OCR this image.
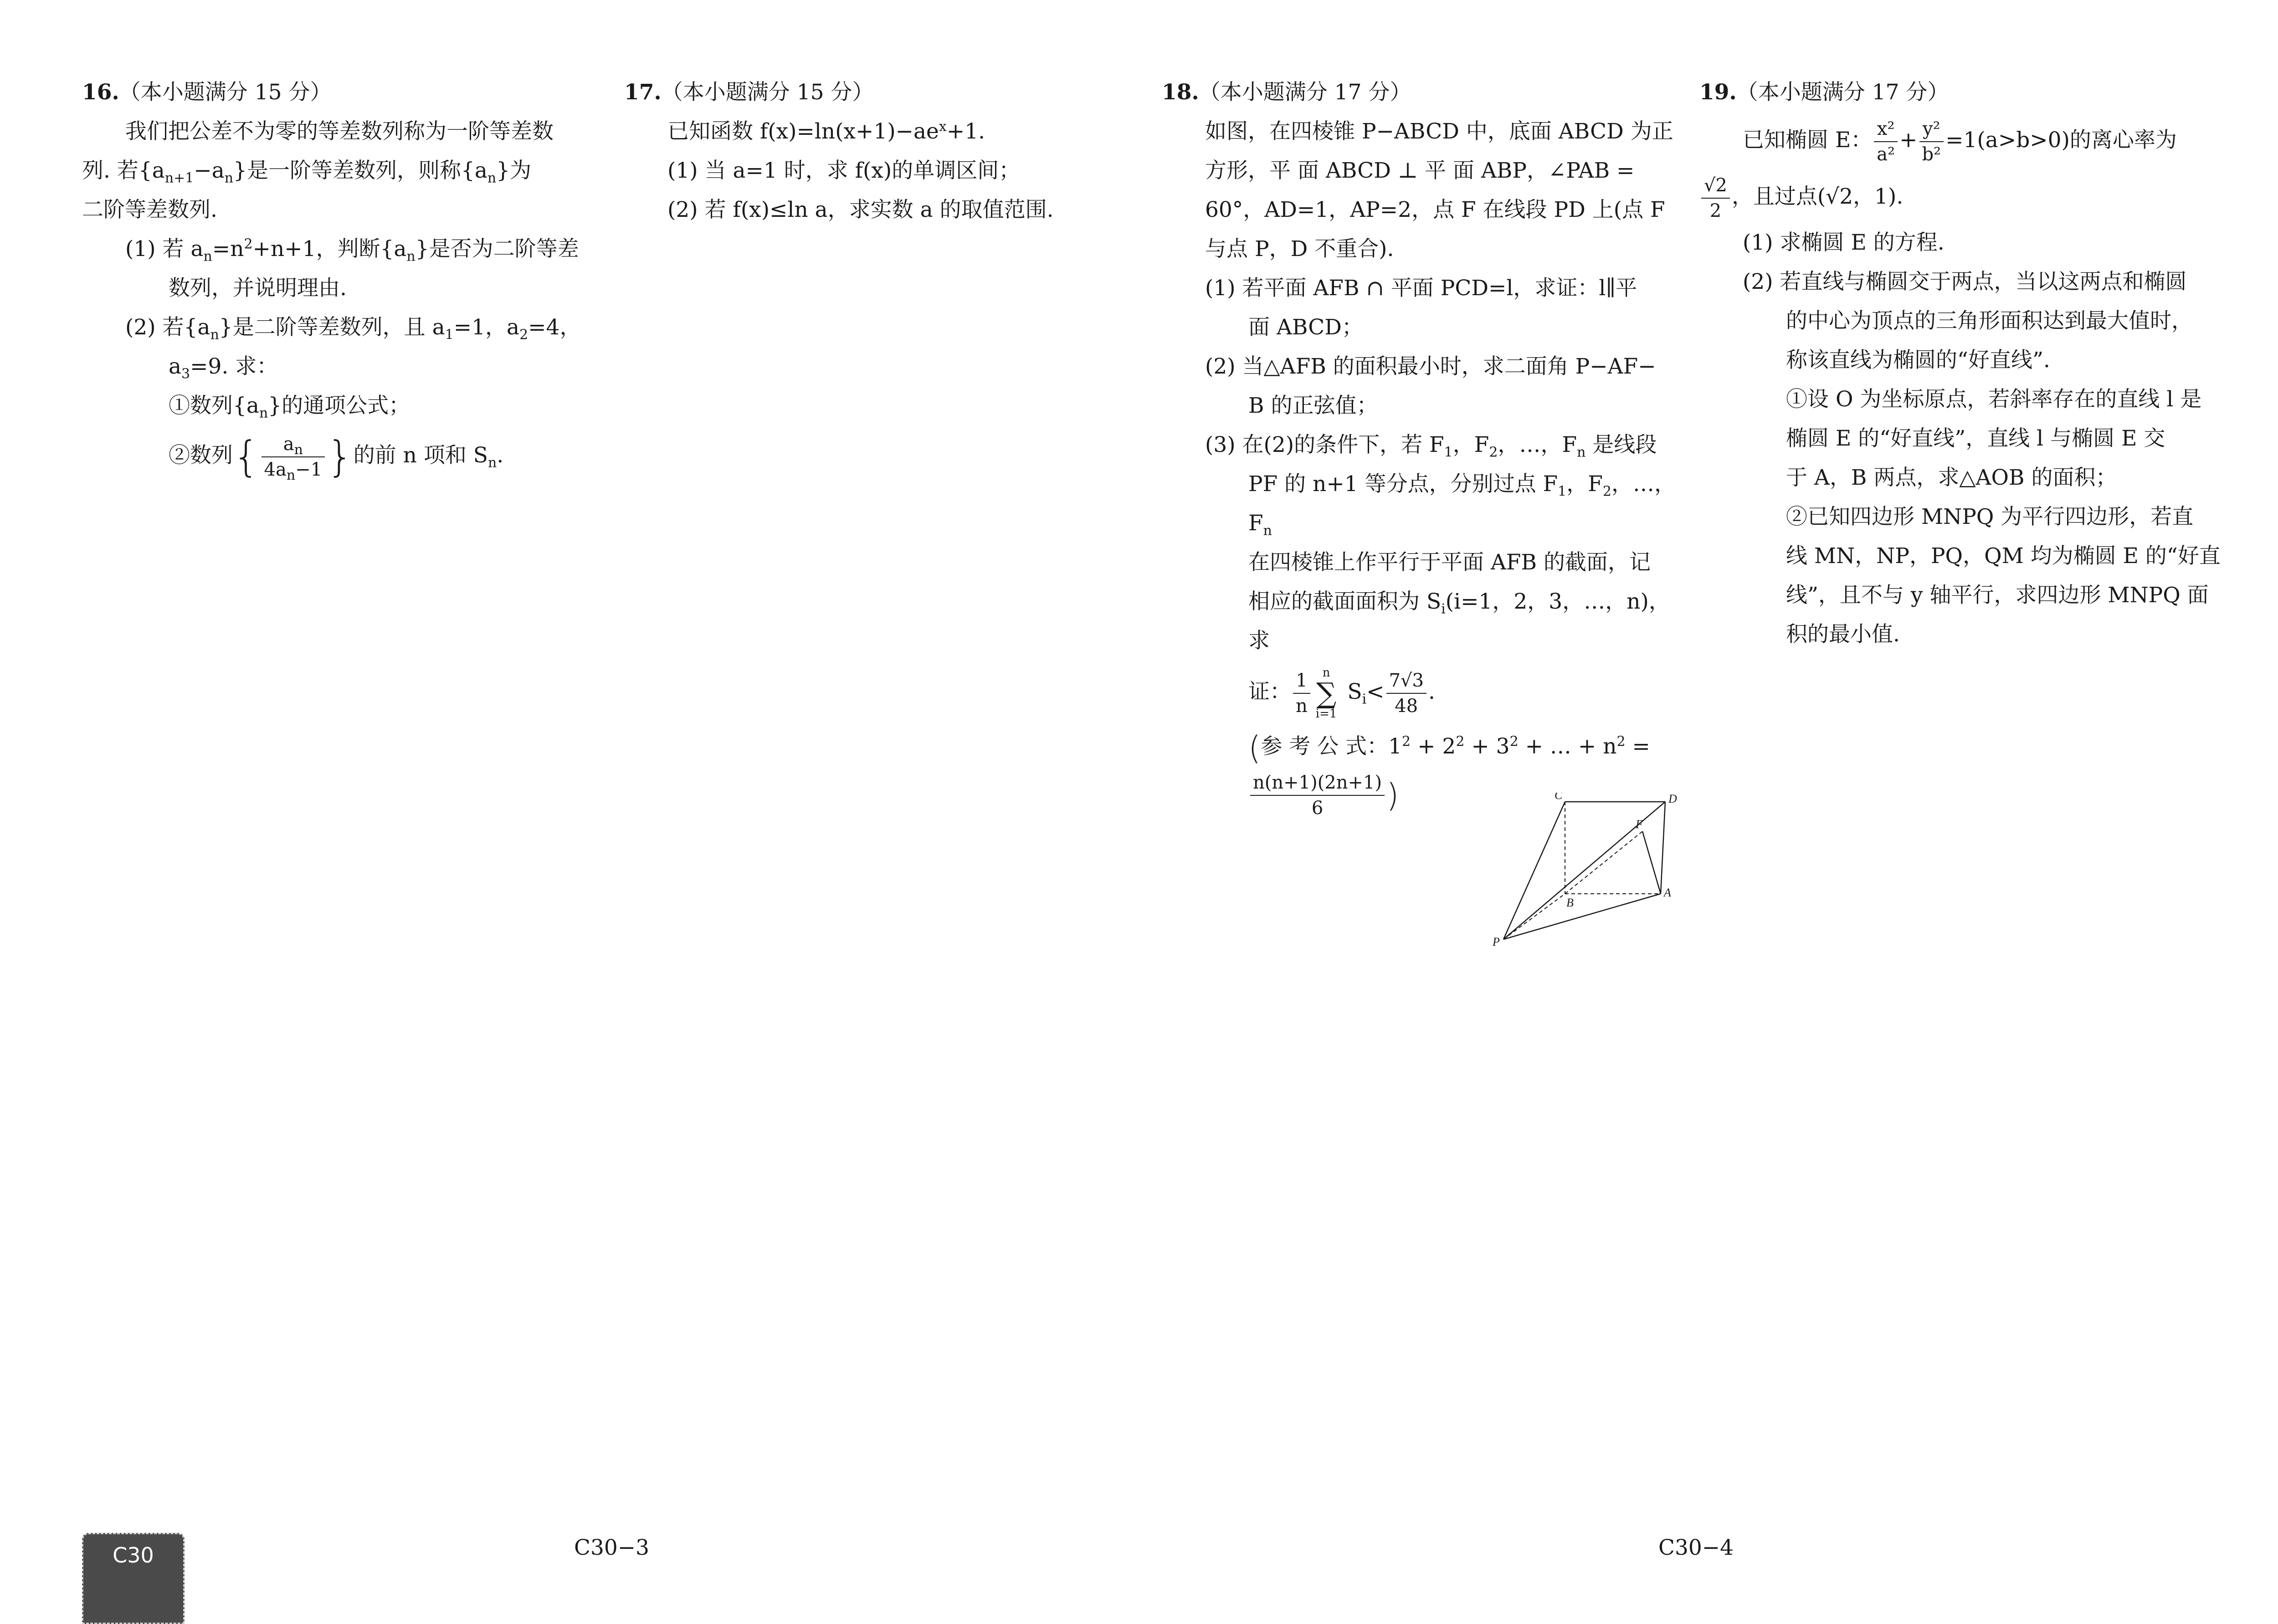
16.（本小题满分 15 分）
我们把公差不为零的等差数列称为一阶等差数
列. 若$\{a_{n+1}-a_n\}$是一阶等差数列，则称$\{a_n\}$为
二阶等差数列.
(1) 若 $a_n=n^2+n+1$，判断$\{a_n\}$是否为二阶等差
数列，并说明理由.
(2) 若$\{a_n\}$是二阶等差数列，且 $a_1=1$，$a_2=4$，
$a_3=9$. 求：
①数列$\{a_n\}$的通项公式；
②数列{ $\frac{a_n}{4a_n-1}$ }的前 n 项和 $S_n$.
17.（本小题满分 15 分）
已知函数 $f(x)=\ln(x+1)-ae^x+1$.
(1) 当 a=1 时，求 f(x)的单调区间；
(2) 若 f(x)≤ln a，求实数 a 的取值范围.
18.（本小题满分 17 分）
如图，在四棱锥 P−ABCD 中，底面 ABCD 为正
方形，平 面 ABCD ⊥ 平 面 ABP，∠PAB =
60°，AD=1，AP=2，点 F 在线段 PD 上(点 F
与点 P，D 不重合).
(1) 若平面 AFB ∩ 平面 PCD=l，求证：l∥平
面 ABCD；
(2) 当△AFB 的面积最小时，求二面角 P−AF−
B 的正弦值；
(3) 在(2)的条件下，若 $F_1$，$F_2$，…，$F_n$ 是线段
PF 的 n+1 等分点，分别过点 $F_1$，$F_2$，…，$F_n$
在四棱锥上作平行于平面 AFB 的截面，记
相应的截面面积为 $S_i(i=1$，2，3，…，n)，求
证： $\frac{1}{n}$ n
∑
i=1 $S_i< \frac{7√3}{48}$ .
(参 考 公 式：$1^2 + 2^2 + 3^2$ + … + $n^2$ =
$\frac{n(n+1)(2n+1)}{6}$ )	C	D
F
B
A
P
19.（本小题满分 17 分）
已知椭圆 E： $\frac{\text{x²}}{\text{a²}} + \frac{\text{y²}}{\text{b²}} =1(a>b>0)$的离心率为
$\frac{√2}{2}$ ，且过点(√2，1).
(1) 求椭圆 E 的方程.
(2) 若直线与椭圆交于两点，当以这两点和椭圆
的中心为顶点的三角形面积达到最大值时，
称该直线为椭圆的“好直线”.
①设 O 为坐标原点，若斜率存在的直线 l 是
椭圆 E 的“好直线”，直线 l 与椭圆 E 交
于 A，B 两点，求△AOB 的面积；
②已知四边形 MNPQ 为平行四边形，若直
线 MN，NP，PQ，QM 均为椭圆 E 的“好直
线”，且不与 y 轴平行，求四边形 MNPQ 面
积的最小值.
C30	C30−3	C30−4
